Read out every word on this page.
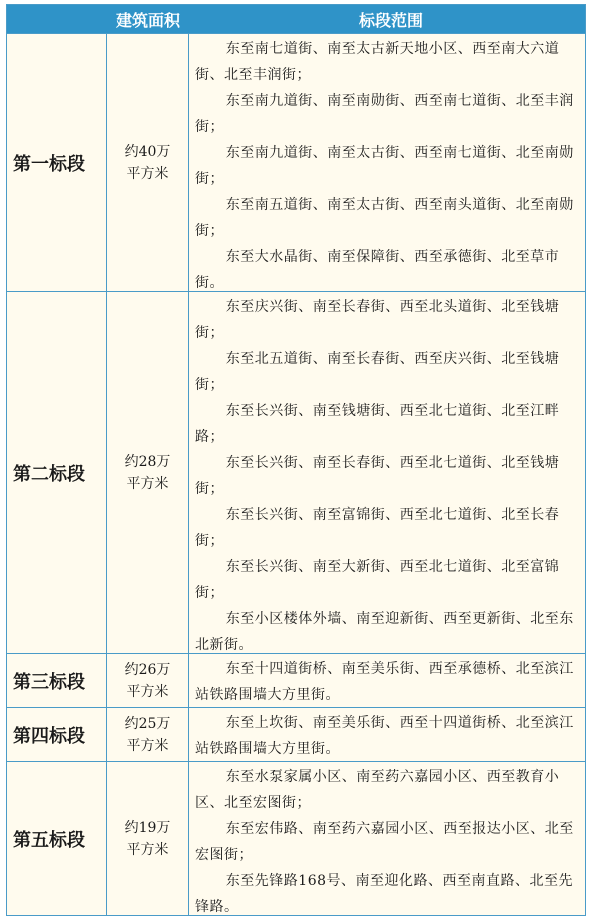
建筑面积	标段范围
第一标段
约40万
平方米

东至南七道街、南至太古新天地小区、西至南大六道街、北至丰润街；

东至南九道街、南至南勋街、西至南七道街、北至丰润街；

东至南九道街、南至太古街、西至南七道街、北至南勋街；

东至南五道街、南至太古街、西至南头道街、北至南勋街；

东至大水晶街、南至保障街、西至承德街、北至草市街。

第二标段
约28万
平方米

东至庆兴街、南至长春街、西至北头道街、北至钱塘街；

东至北五道街、南至长春街、西至庆兴街、北至钱塘街；

东至长兴街、南至钱塘街、西至北七道街、北至江畔路；

东至长兴街、南至长春街、西至北七道街、北至钱塘街；

东至长兴街、南至富锦街、西至北七道街、北至长春街；

东至长兴街、南至大新街、西至北七道街、北至富锦街；

东至小区楼体外墙、南至迎新街、西至更新街、北至东北新街。

第三标段
约26万
平方米

东至十四道街桥、南至美乐街、西至承德桥、北至滨江站铁路围墙大方里街。

第四标段
约25万
平方米

东至上坎街、南至美乐街、西至十四道街桥、北至滨江站铁路围墙大方里街。

第五标段
约19万
平方米

东至水泵家属小区、南至药六嘉园小区、西至教育小区、北至宏图街；

东至宏伟路、南至药六嘉园小区、西至报达小区、北至宏图街；

东至先锋路168号、南至迎化路、西至南直路、北至先锋路。
